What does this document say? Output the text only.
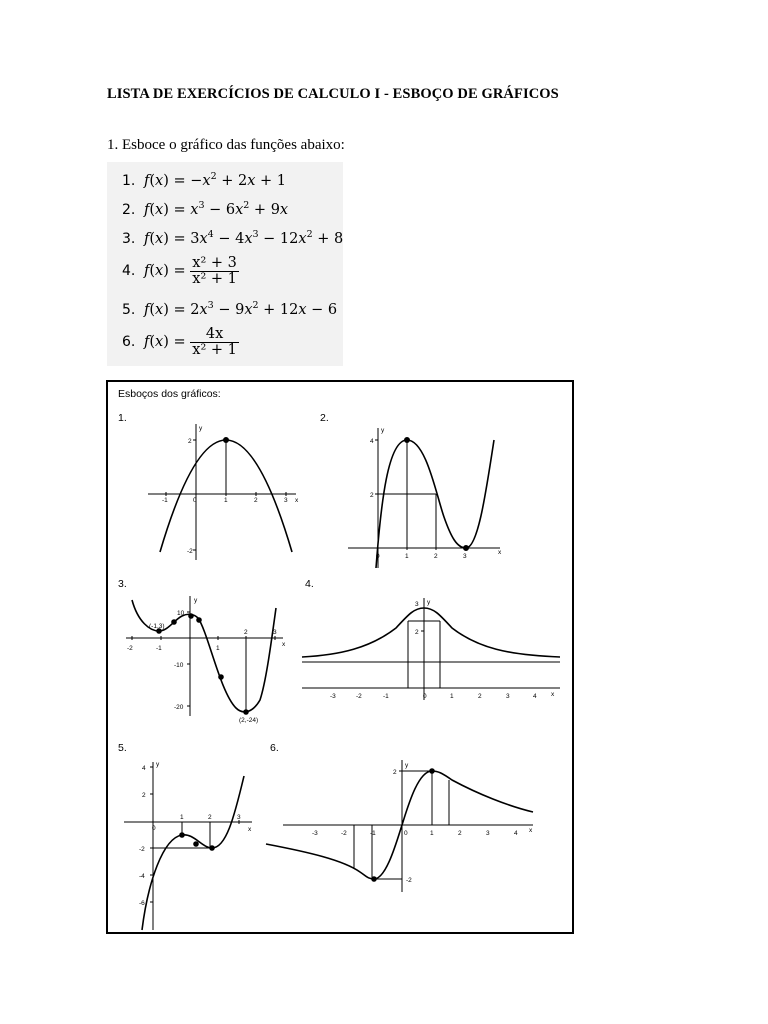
LISTA DE EXERCÍCIOS DE CALCULO I - ESBOÇO DE GRÁFICOS
1. Esboce o gráfico das funções abaixo:
1. $f(x) = -x^2 + 2x + 1$
2. $f(x) = x^3 - 6x^2 + 9x$
3. $f(x) = 3x^4 - 4x^3 - 12x^2 + 8$
4. $f(x) = \frac{\text{x² + 3}}{\text{x² + 1}}$
5. $f(x) = 2x^3 - 9x^2 + 12x - 6$
6. $f(x) = \frac{4x}{\text{x² + 1}}$
Esboços dos gráficos:
1.	2.
3.	4.
5.	6.
-1	0	1	2	3
2
-2
y
x
0	1	2	3
4
2
y
x
-2	-1	1
2	3
10
-10
-20
(-1,3)
(2,-24)
y
x
-3	-2	-1	0	1	2	3	4
3
2
y
x
0
1	2	3
4
2
-2
-4
-6
y
x
-3	-2	-1	0	1	2	3	4
2
-2
y
x
